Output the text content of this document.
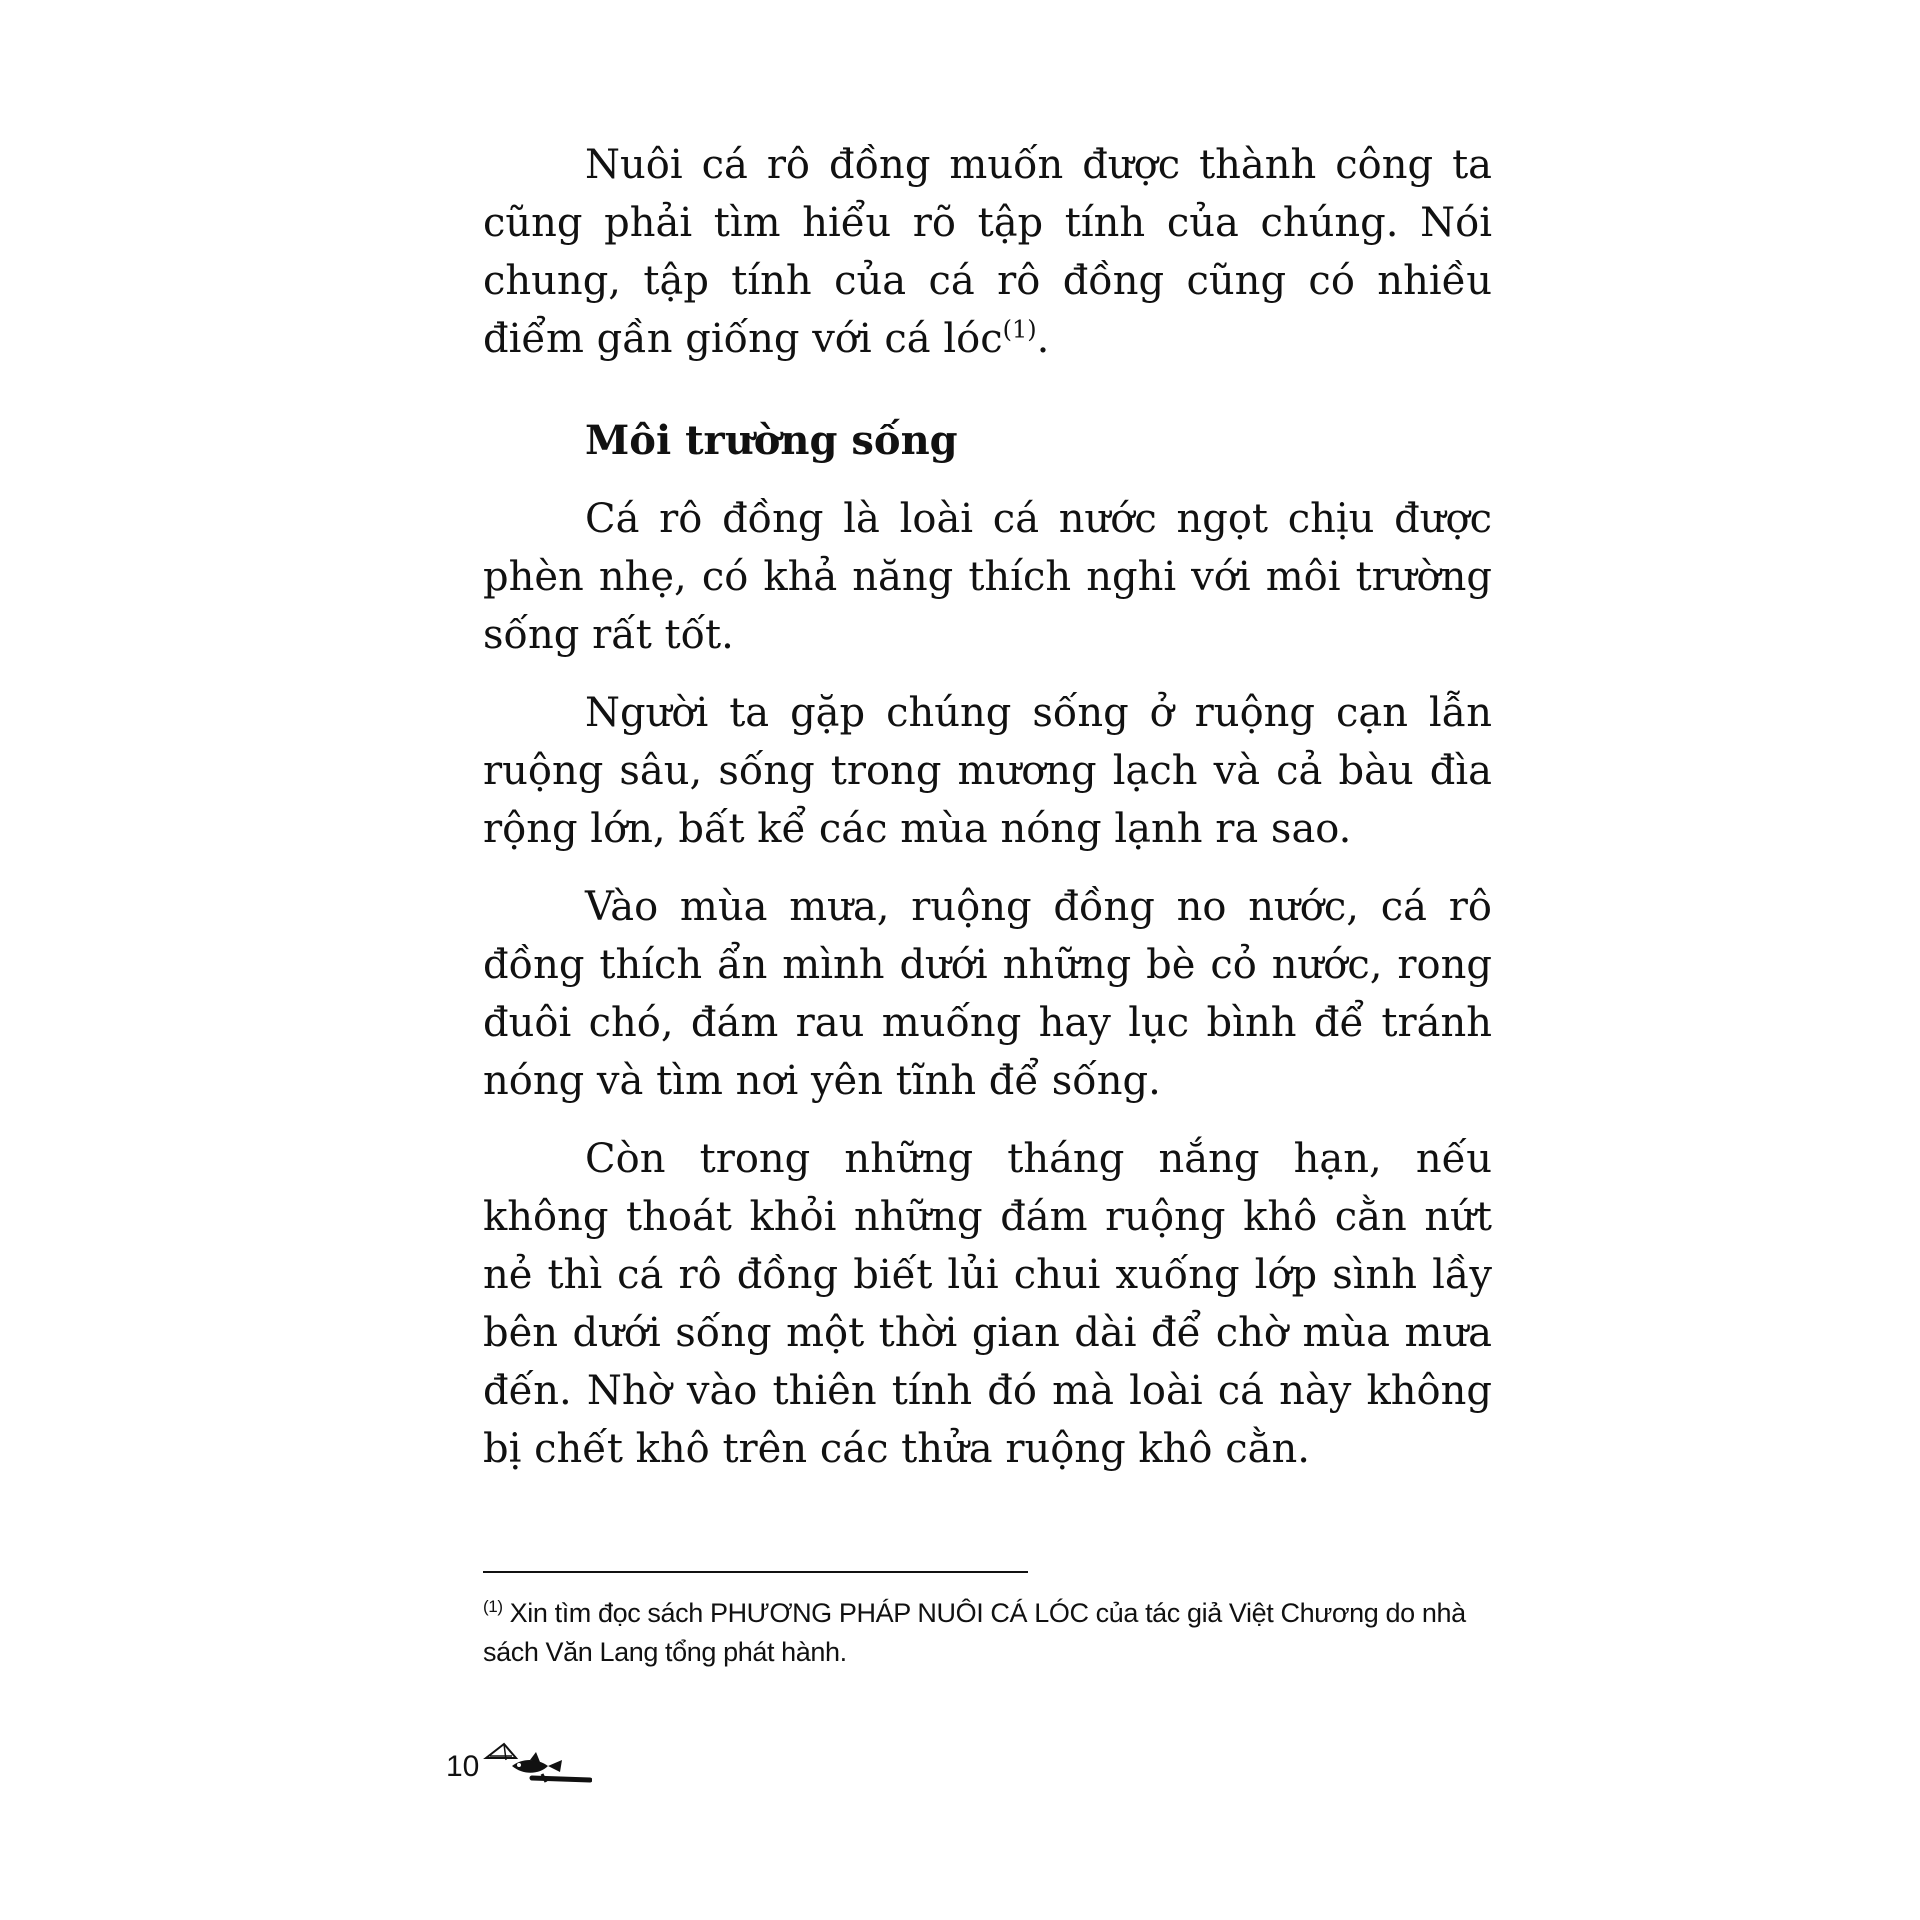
Nuôi cá rô đồng muốn được thành công ta cũng phải tìm hiểu rõ tập tính của chúng. Nói chung, tập tính của cá rô đồng cũng có nhiều điểm gần giống với cá lóc$^{(1)}$.

Môi trường sống

Cá rô đồng là loài cá nước ngọt chịu được phèn nhẹ, có khả năng thích nghi với môi trường sống rất tốt.

Người ta gặp chúng sống ở ruộng cạn lẫn ruộng sâu, sống trong mương lạch và cả bàu đìa rộng lớn, bất kể các mùa nóng lạnh ra sao.

Vào mùa mưa, ruộng đồng no nước, cá rô đồng thích ẩn mình dưới những bè cỏ nước, rong đuôi chó, đám rau muống hay lục bình để tránh nóng và tìm nơi yên tĩnh để sống.

Còn trong những tháng nắng hạn, nếu không thoát khỏi những đám ruộng khô cằn nứt nẻ thì cá rô đồng biết lủi chui xuống lớp sình lầy bên dưới sống một thời gian dài để chờ mùa mưa đến. Nhờ vào thiên tính đó mà loài cá này không bị chết khô trên các thửa ruộng khô cằn.

$^{(1)}$ Xin tìm đọc sách PHƯƠNG PHÁP NUÔI CÁ LÓC của tác giả Việt Chương do nhà sách Văn Lang tổng phát hành.
10
